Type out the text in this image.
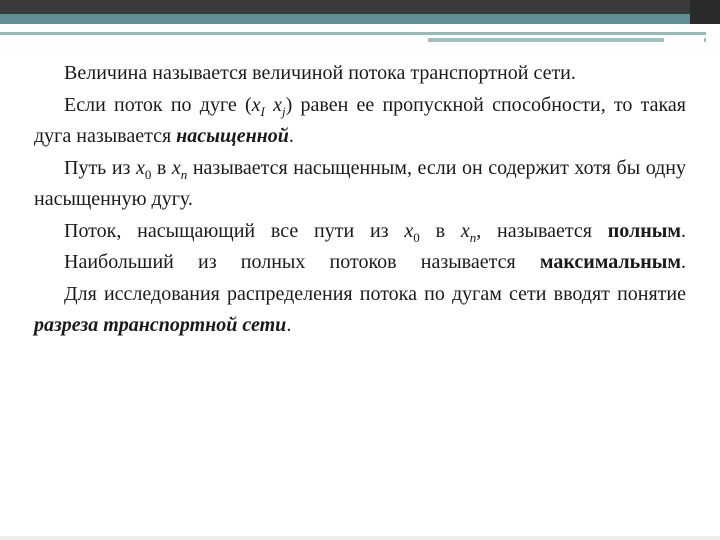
Величина называется величиной потока транспортной сети.

Если поток по дуге ($x_I$ $x_j$) равен ее пропускной способности, то такая дуга называется насыщенной.

Путь из $x_0$ в $x_n$ называется насыщенным, если он содержит хотя бы одну насыщенную дугу.

Поток, насыщающий все пути из $x_0$ в $x_n$, называется полным.

Наибольший из полных потоков называется максимальным.

Для исследования распределения потока по дугам сети вводят понятие разреза транспортной сети.
